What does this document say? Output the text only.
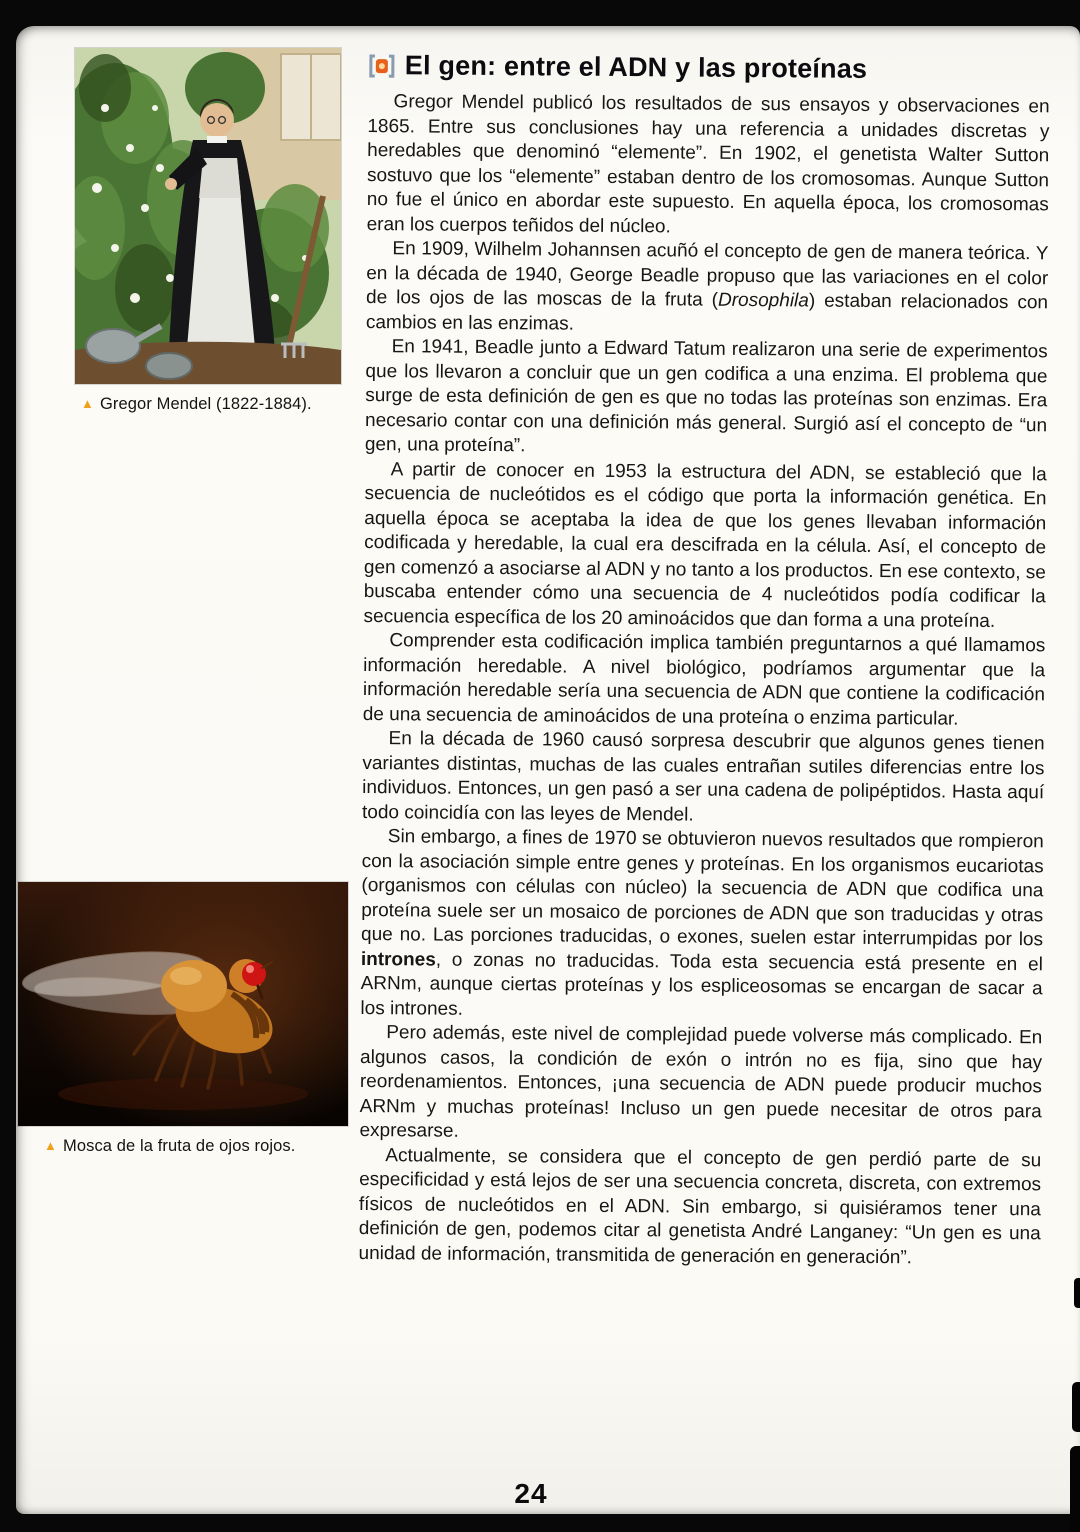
▲ Gregor Mendel (1822-1884).
▲ Mosca de la fruta de ojos rojos.
El gen: entre el ADN y las proteínas

Gregor Mendel publicó los resultados de sus ensayos y observaciones en 1865. Entre sus conclusiones hay una referencia a unidades discretas y heredables que denominó “elemente”. En 1902, el genetista Walter Sutton sostuvo que los “elemente” estaban dentro de los cromosomas. Aunque Sutton no fue el único en abordar este supuesto. En aquella época, los cromosomas eran los cuerpos teñidos del núcleo.

En 1909, Wilhelm Johannsen acuñó el concepto de gen de manera teórica. Y en la década de 1940, George Beadle propuso que las variaciones en el color de los ojos de las moscas de la fruta (Drosophila) estaban relacionados con cambios en las enzimas.

En 1941, Beadle junto a Edward Tatum realizaron una serie de experimentos que los llevaron a concluir que un gen codifica a una enzima. El problema que surge de esta definición de gen es que no todas las proteínas son enzimas. Era necesario contar con una definición más general. Surgió así el concepto de “un gen, una proteína”.

A partir de conocer en 1953 la estructura del ADN, se estableció que la secuencia de nucleótidos es el código que porta la información genética. En aquella época se aceptaba la idea de que los genes llevaban información codificada y heredable, la cual era descifrada en la célula. Así, el concepto de gen comenzó a asociarse al ADN y no tanto a los productos. En ese contexto, se buscaba entender cómo una secuencia de 4 nucleótidos podía codificar la secuencia específica de los 20 aminoácidos que dan forma a una proteína.

Comprender esta codificación implica también preguntarnos a qué llamamos información heredable. A nivel biológico, podríamos argumentar que la información heredable sería una secuencia de ADN que contiene la codificación de una secuencia de aminoácidos de una proteína o enzima particular.

En la década de 1960 causó sorpresa descubrir que algunos genes tienen variantes distintas, muchas de las cuales entrañan sutiles diferencias entre los individuos. Entonces, un gen pasó a ser una cadena de polipéptidos. Hasta aquí todo coincidía con las leyes de Mendel.

Sin embargo, a fines de 1970 se obtuvieron nuevos resultados que rompieron con la asociación simple entre genes y proteínas. En los organismos eucariotas (organismos con células con núcleo) la secuencia de ADN que codifica una proteína suele ser un mosaico de porciones de ADN que son traducidas y otras que no. Las porciones traducidas, o exones, suelen estar interrumpidas por los intrones, o zonas no traducidas. Toda esta secuencia está presente en el ARNm, aunque ciertas proteínas y los espliceosomas se encargan de sacar a los intrones.

Pero además, este nivel de complejidad puede volverse más complicado. En algunos casos, la condición de exón o intrón no es fija, sino que hay reordenamientos. Entonces, ¡una secuencia de ADN puede producir muchos ARNm y muchas proteínas! Incluso un gen puede necesitar de otros para expresarse.

Actualmente, se considera que el concepto de gen perdió parte de su especificidad y está lejos de ser una secuencia concreta, discreta, con extremos físicos de nucleótidos en el ADN. Sin embargo, si quisiéramos tener una definición de gen, podemos citar al genetista André Langaney: “Un gen es una unidad de información, transmitida de generación en generación”.

24
